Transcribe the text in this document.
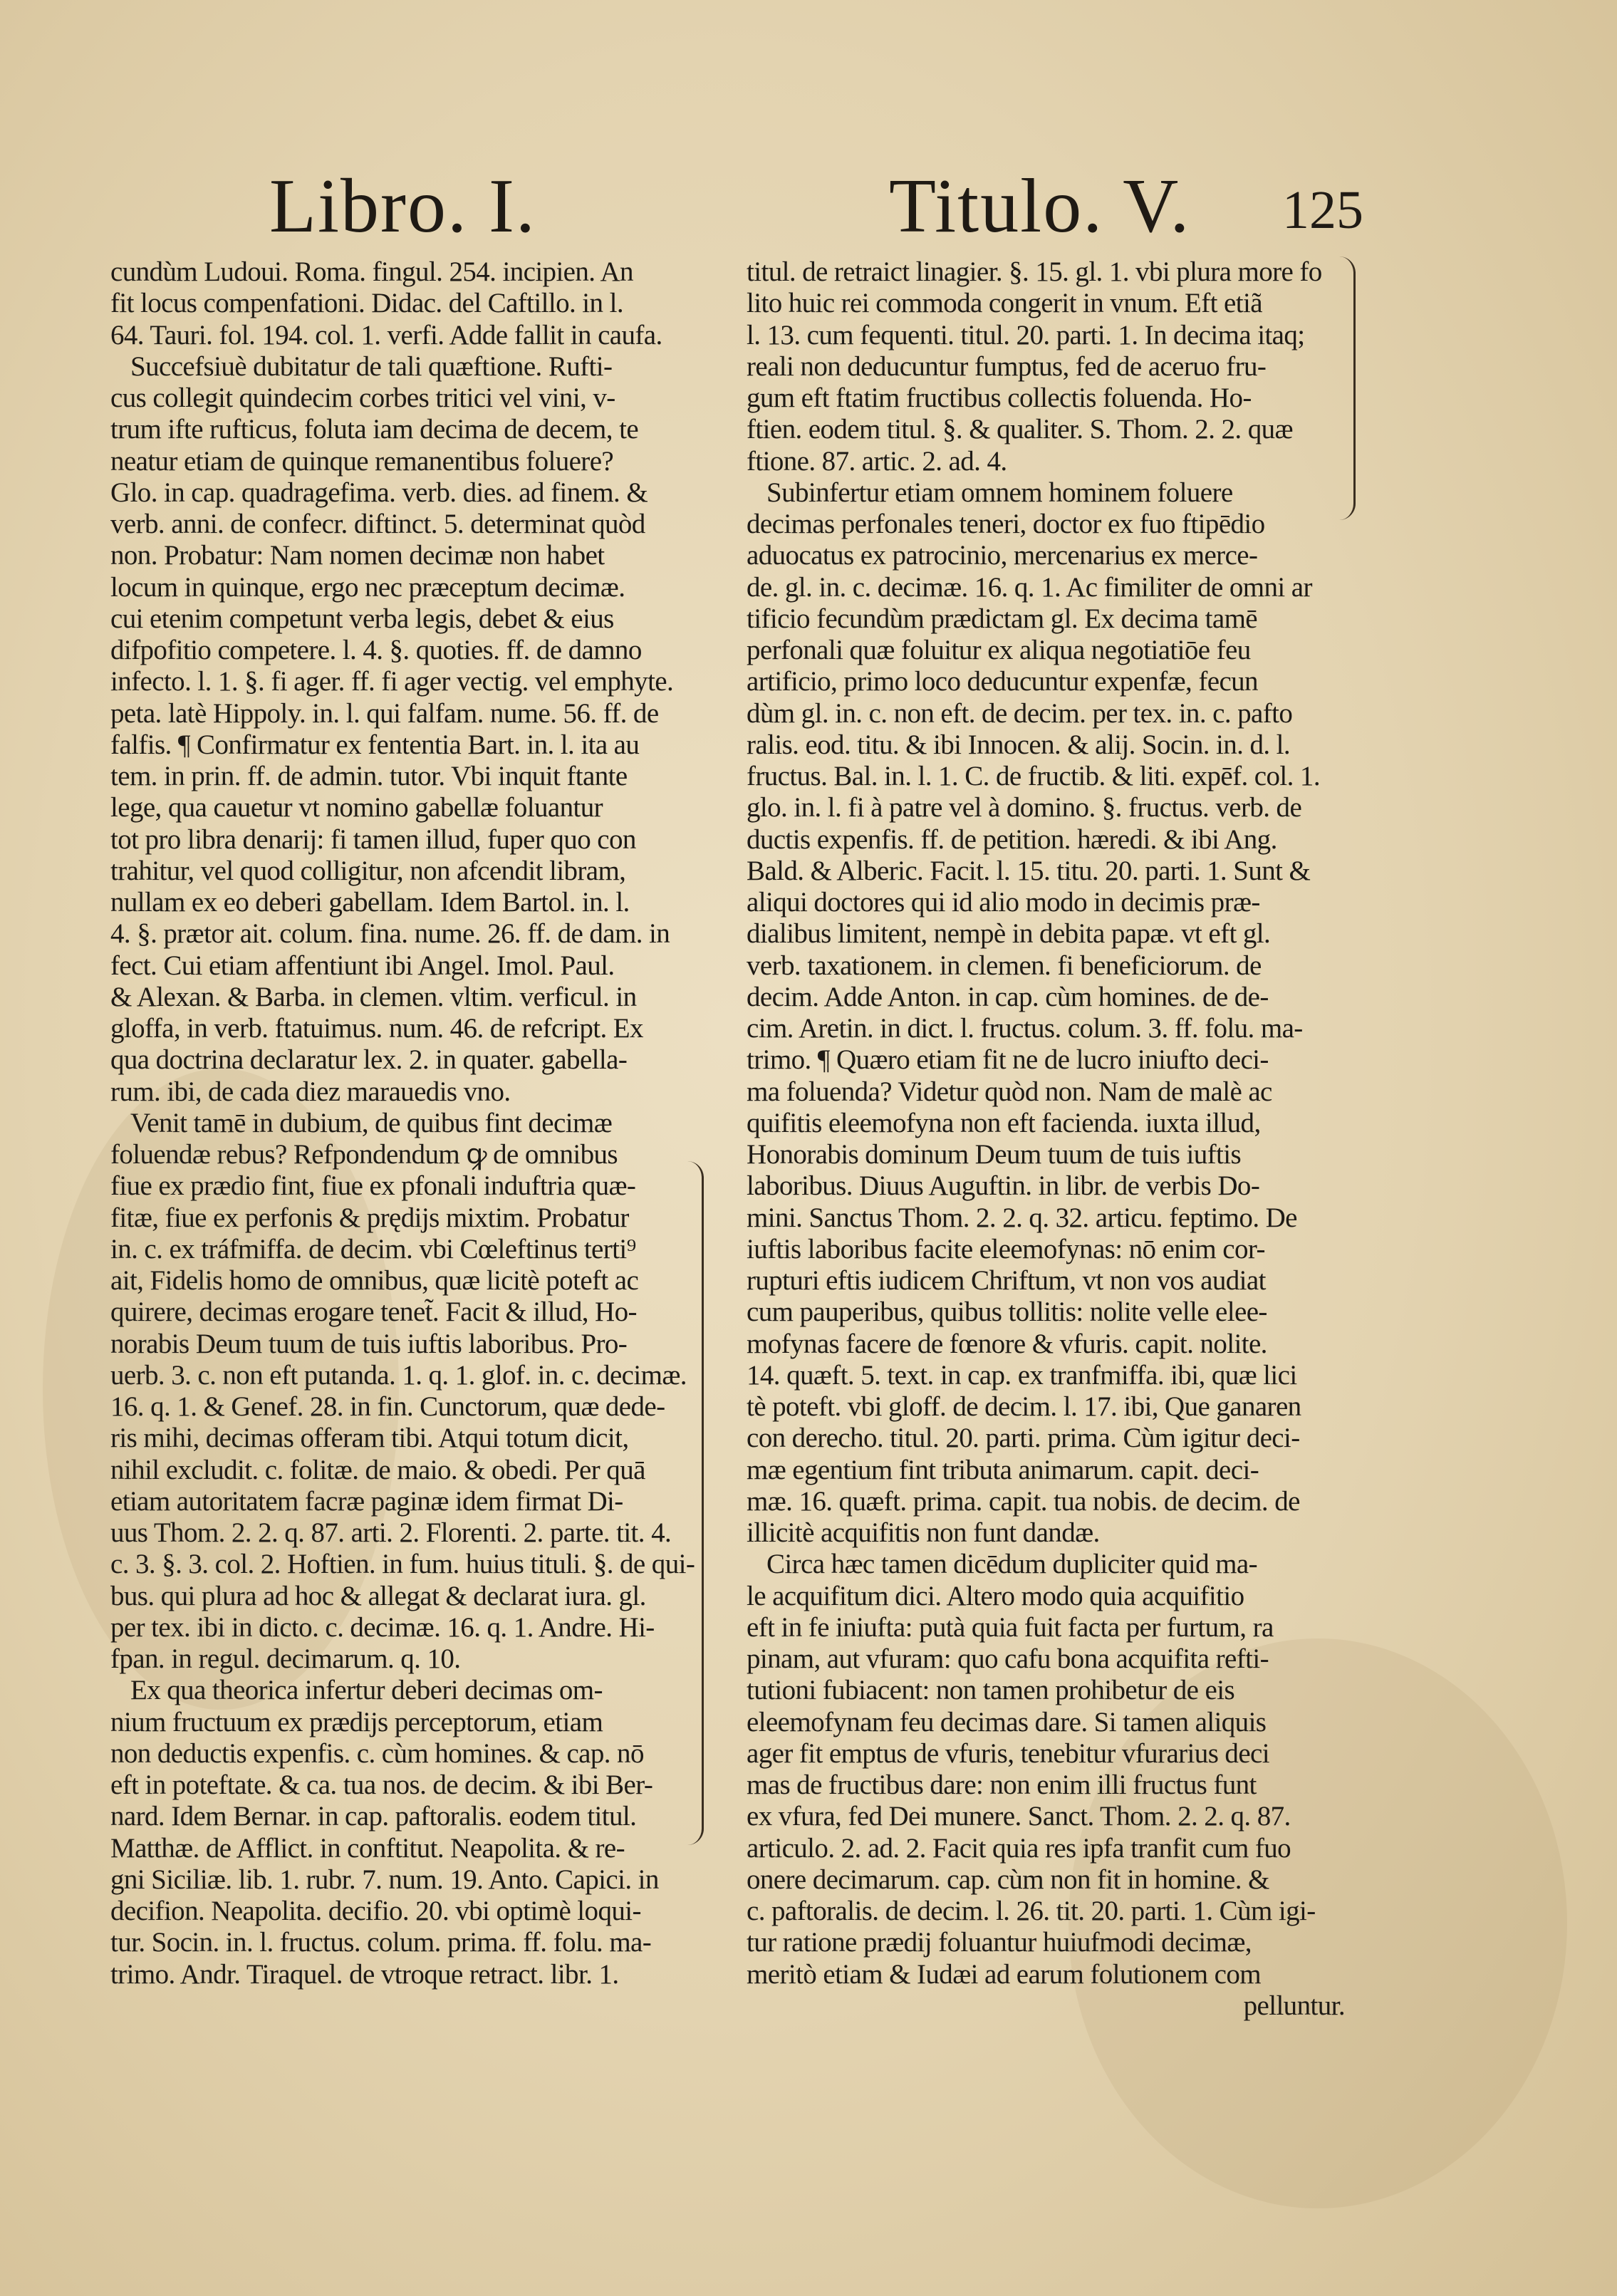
Libro. I.	Titulo. V. 125
cundùm Ludoui. Roma. fingul. 254. incipien. An
fit locus compenfationi. Didac. del Caftillo. in l.
64. Tauri. fol. 194. col. 1. verfi. Adde fallit in caufa.
Succefsiuè dubitatur de tali quæftione. Rufti-
cus collegit quindecim corbes tritici vel vini, v-
trum ifte rufticus, foluta iam decima de decem, te
neatur etiam de quinque remanentibus foluere?
Glo. in cap. quadragefima. verb. dies. ad finem. &
verb. anni. de confecr. diftinct. 5. determinat quòd
non. Probatur: Nam nomen decimæ non habet
locum in quinque, ergo nec præceptum decimæ.
cui etenim competunt verba legis, debet & eius
difpofitio competere. l. 4. §. quoties. ff. de damno
infecto. l. 1. §. fi ager. ff. fi ager vectig. vel emphyte.
peta. latè Hippoly. in. l. qui falfam. nume. 56. ff. de
falfis. ¶ Confirmatur ex fententia Bart. in. l. ita au
tem. in prin. ff. de admin. tutor. Vbi inquit ftante
lege, qua cauetur vt nomino gabellæ foluantur
tot pro libra denarij: fi tamen illud, fuper quo con
trahitur, vel quod colligitur, non afcendit libram,
nullam ex eo deberi gabellam. Idem Bartol. in. l.
4. §. prætor ait. colum. fina. nume. 26. ff. de dam. in
fect. Cui etiam affentiunt ibi Angel. Imol. Paul.
& Alexan. & Barba. in clemen. vltim. verficul. in
gloffa, in verb. ftatuimus. num. 46. de refcript. Ex
qua doctrina declaratur lex. 2. in quater. gabella-
rum. ibi, de cada diez marauedis vno.
Venit tamē in dubium, de quibus fint decimæ
foluendæ rebus? Refpondendum ꝙ de omnibus
fiue ex prædio fint, fiue ex pfonali induftria quæ-
fitæ, fiue ex perfonis & prędijs mixtim. Probatur
in. c. ex tráfmiffa. de decim. vbi Cœleftinus terti⁹
ait, Fidelis homo de omnibus, quæ licitè poteft ac
quirere, decimas erogare tenet̃. Facit & illud, Ho-
norabis Deum tuum de tuis iuftis laboribus. Pro-
uerb. 3. c. non eft putanda. 1. q. 1. glof. in. c. decimæ.
16. q. 1. & Genef. 28. in fin. Cunctorum, quæ dede-
ris mihi, decimas offeram tibi. Atqui totum dicit,
nihil excludit. c. folitæ. de maio. & obedi. Per quā
etiam autoritatem facræ paginæ idem firmat Di-
uus Thom. 2. 2. q. 87. arti. 2. Florenti. 2. parte. tit. 4.
c. 3. §. 3. col. 2. Hoftien. in fum. huius tituli. §. de qui-
bus. qui plura ad hoc & allegat & declarat iura. gl.
per tex. ibi in dicto. c. decimæ. 16. q. 1. Andre. Hi-
fpan. in regul. decimarum. q. 10.
Ex qua theorica infertur deberi decimas om-
nium fructuum ex prædijs perceptorum, etiam
non deductis expenfis. c. cùm homines. & cap. nō
eft in poteftate. & ca. tua nos. de decim. & ibi Ber-
nard. Idem Bernar. in cap. paftoralis. eodem titul.
Matthæ. de Afflict. in conftitut. Neapolita. & re-
gni Siciliæ. lib. 1. rubr. 7. num. 19. Anto. Capici. in
decifion. Neapolita. decifio. 20. vbi optimè loqui-
tur. Socin. in. l. fructus. colum. prima. ff. folu. ma-
trimo. Andr. Tiraquel. de vtroque retract. libr. 1.
titul. de retraict linagier. §. 15. gl. 1. vbi plura more fo
lito huic rei commoda congerit in vnum. Eft etiã
l. 13. cum fequenti. titul. 20. parti. 1. In decima itaq;
reali non deducuntur fumptus, fed de aceruo fru-
gum eft ftatim fructibus collectis foluenda. Ho-
ftien. eodem titul. §. & qualiter. S. Thom. 2. 2. quæ
ftione. 87. artic. 2. ad. 4.
Subinfertur etiam omnem hominem foluere
decimas perfonales teneri, doctor ex fuo ftipēdio
aduocatus ex patrocinio, mercenarius ex merce-
de. gl. in. c. decimæ. 16. q. 1. Ac fimiliter de omni ar
tificio fecundùm prædictam gl. Ex decima tamē
perfonali quæ foluitur ex aliqua negotiatiōe feu
artificio, primo loco deducuntur expenfæ, fecun
dùm gl. in. c. non eft. de decim. per tex. in. c. pafto
ralis. eod. titu. & ibi Innocen. & alij. Socin. in. d. l.
fructus. Bal. in. l. 1. C. de fructib. & liti. expēf. col. 1.
glo. in. l. fi à patre vel à domino. §. fructus. verb. de
ductis expenfis. ff. de petition. hæredi. & ibi Ang.
Bald. & Alberic. Facit. l. 15. titu. 20. parti. 1. Sunt &
aliqui doctores qui id alio modo in decimis præ-
dialibus limitent, nempè in debita papæ. vt eft gl.
verb. taxationem. in clemen. fi beneficiorum. de
decim. Adde Anton. in cap. cùm homines. de de-
cim. Aretin. in dict. l. fructus. colum. 3. ff. folu. ma-
trimo. ¶ Quæro etiam fit ne de lucro iniufto deci-
ma foluenda? Videtur quòd non. Nam de malè ac
quifitis eleemofyna non eft facienda. iuxta illud,
Honorabis dominum Deum tuum de tuis iuftis
laboribus. Diuus Auguftin. in libr. de verbis Do-
mini. Sanctus Thom. 2. 2. q. 32. articu. feptimo. De
iuftis laboribus facite eleemofynas: nō enim cor-
rupturi eftis iudicem Chriftum, vt non vos audiat
cum pauperibus, quibus tollitis: nolite velle elee-
mofynas facere de fœnore & vfuris. capit. nolite.
14. quæft. 5. text. in cap. ex tranfmiffa. ibi, quæ lici
tè poteft. vbi gloff. de decim. l. 17. ibi, Que ganaren
con derecho. titul. 20. parti. prima. Cùm igitur deci-
mæ egentium fint tributa animarum. capit. deci-
mæ. 16. quæft. prima. capit. tua nobis. de decim. de
illicitè acquifitis non funt dandæ.
Circa hæc tamen dicēdum dupliciter quid ma-
le acquifitum dici. Altero modo quia acquifitio
eft in fe iniufta: putà quia fuit facta per furtum, ra
pinam, aut vfuram: quo cafu bona acquifita refti-
tutioni fubiacent: non tamen prohibetur de eis
eleemofynam feu decimas dare. Si tamen aliquis
ager fit emptus de vfuris, tenebitur vfurarius deci
mas de fructibus dare: non enim illi fructus funt
ex vfura, fed Dei munere. Sanct. Thom. 2. 2. q. 87.
articulo. 2. ad. 2. Facit quia res ipfa tranfit cum fuo
onere decimarum. cap. cùm non fit in homine. &
c. paftoralis. de decim. l. 26. tit. 20. parti. 1. Cùm igi-
tur ratione prædij foluantur huiufmodi decimæ,
meritò etiam & Iudæi ad earum folutionem com
pelluntur.
